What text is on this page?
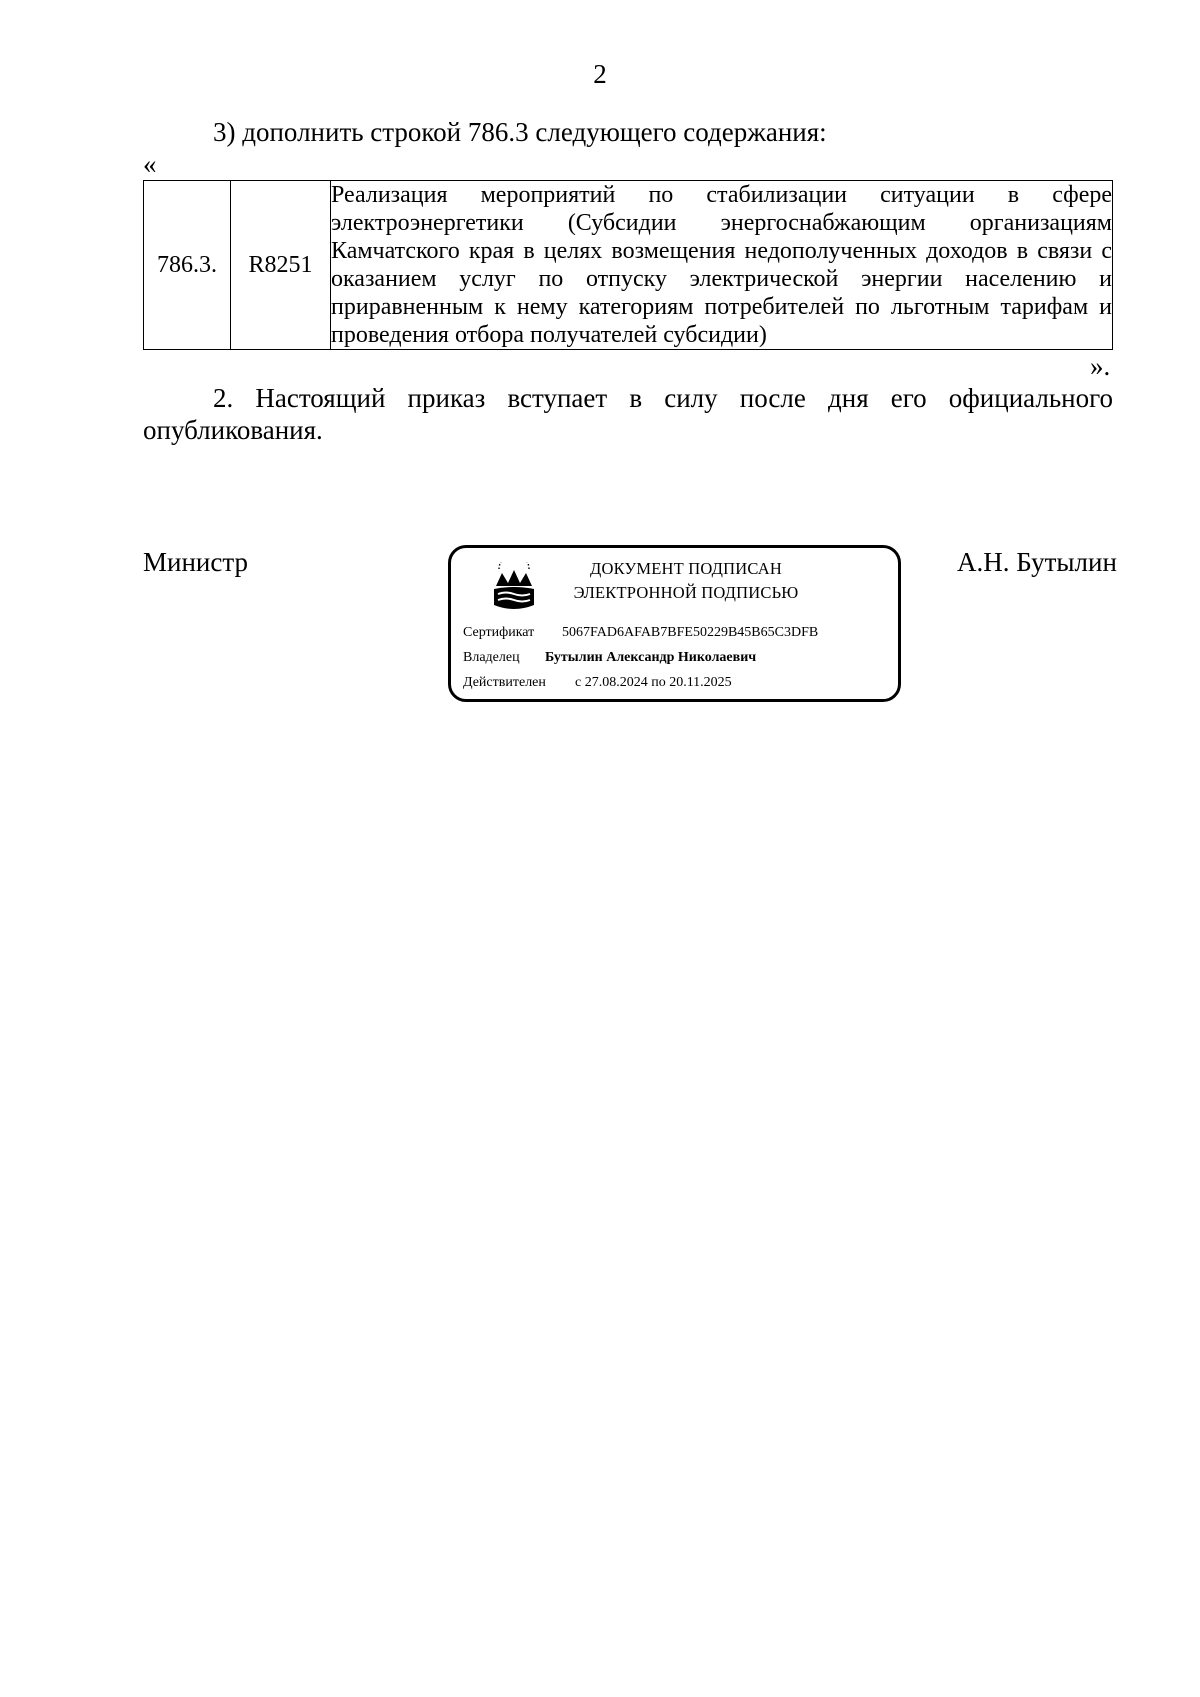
2
3) дополнить строкой 786.3 следующего содержания:
«
786.3.	R8251	Реализация мероприятий по стабилизации ситуации в сфере электроэнергетики (Субсидии энергоснабжающим организациям Камчатского края в целях возмещения недополученных доходов в связи с оказанием услуг по отпуску электрической энергии населению и приравненным к нему категориям потребителей по льготным тарифам и проведения отбора получателей субсидии)
».
2. Настоящий приказ вступает в силу после дня его официального опубликования.
Министр	ДОКУМЕНТ ПОДПИСАН
ЭЛЕКТРОННОЙ ПОДПИСЬЮ
Сертификат 5067FAD6AFAB7BFE50229B45B65C3DFB
Владелец Бутылин Александр Николаевич
Действителен с 27.08.2024 по 20.11.2025
А.Н. Бутылин
